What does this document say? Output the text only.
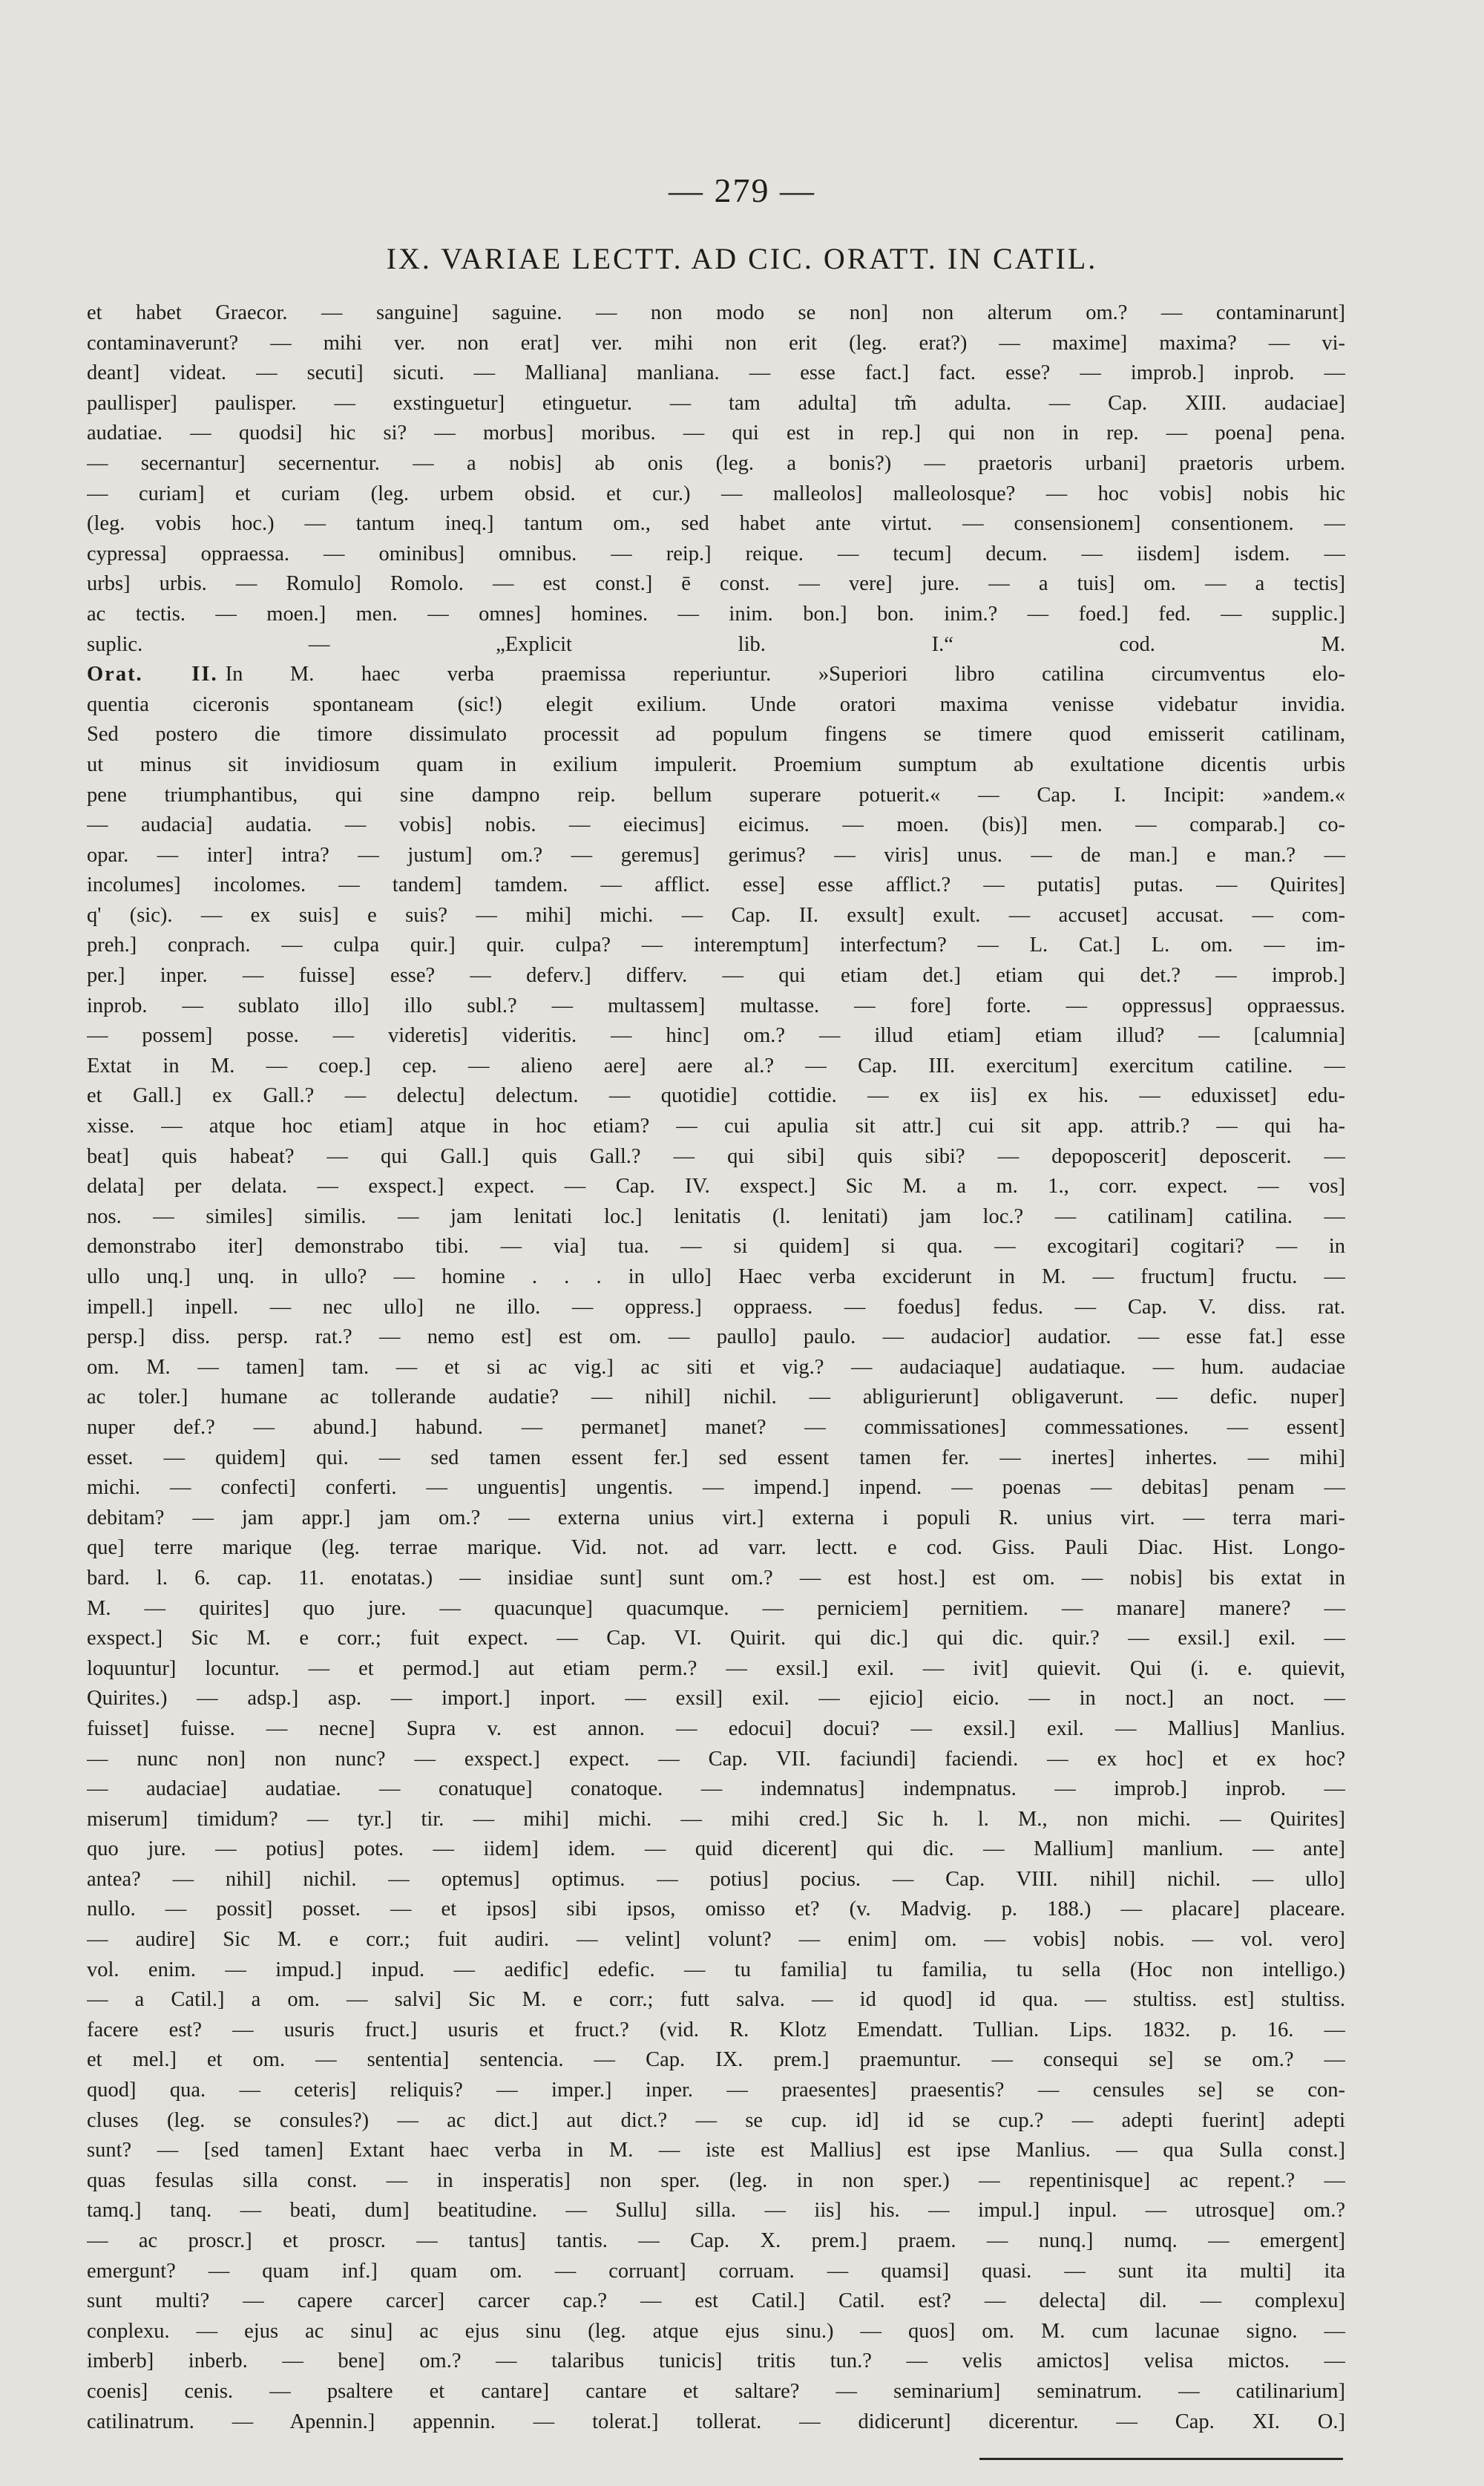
— 279 —
IX. VARIAE LECTT. AD CIC. ORATT. IN CATIL.
et habet Graecor. — sanguine] saguine. — non modo se non] non alterum om.? — contaminarunt]
contaminaverunt? — mihi ver. non erat] ver. mihi non erit (leg. erat?) — maxime] maxima? — vi-
deant] videat. — secuti] sicuti. — Malliana] manliana. — esse fact.] fact. esse? — improb.] inprob. —
paullisper] paulisper. — exstinguetur] etinguetur. — tam adulta] tm̃ adulta. — Cap. XIII. audaciae]
audatiae. — quodsi] hic si? — morbus] moribus. — qui est in rep.] qui non in rep. — poena] pena.
— secernantur] secernentur. — a nobis] ab onis (leg. a bonis?) — praetoris urbani] praetoris urbem.
— curiam] et curiam (leg. urbem obsid. et cur.) — malleolos] malleolosque? — hoc vobis] nobis hic
(leg. vobis hoc.) — tantum ineq.] tantum om., sed habet ante virtut. — consensionem] consentionem. —
cypressa] oppraessa. — ominibus] omnibus. — reip.] reique. — tecum] decum. — iisdem] isdem. —
urbs] urbis. — Romulo] Romolo. — est const.] ē const. — vere] jure. — a tuis] om. — a tectis]
ac tectis. — moen.] men. — omnes] homines. — inim. bon.] bon. inim.? — foed.] fed. — supplic.]
suplic. — „Explicit lib. I.“ cod. M.
Orat. II. In M. haec verba praemissa reperiuntur. »Superiori libro catilina circumventus elo-
quentia ciceronis spontaneam (sic!) elegit exilium. Unde oratori maxima venisse videbatur invidia.
Sed postero die timore dissimulato processit ad populum fingens se timere quod emisserit catilinam,
ut minus sit invidiosum quam in exilium impulerit. Proemium sumptum ab exultatione dicentis urbis
pene triumphantibus, qui sine dampno reip. bellum superare potuerit.« — Cap. I. Incipit: »andem.«
— audacia] audatia. — vobis] nobis. — eiecimus] eicimus. — moen. (bis)] men. — comparab.] co-
opar. — inter] intra? — justum] om.? — geremus] gerimus? — viris] unus. — de man.] e man.? —
incolumes] incolomes. — tandem] tamdem. — afflict. esse] esse afflict.? — putatis] putas. — Quirites]
q' (sic). — ex suis] e suis? — mihi] michi. — Cap. II. exsult] exult. — accuset] accusat. — com-
preh.] conprach. — culpa quir.] quir. culpa? — interemptum] interfectum? — L. Cat.] L. om. — im-
per.] inper. — fuisse] esse? — deferv.] differv. — qui etiam det.] etiam qui det.? — improb.]
inprob. — sublato illo] illo subl.? — multassem] multasse. — fore] forte. — oppressus] oppraessus.
— possem] posse. — videretis] videritis. — hinc] om.? — illud etiam] etiam illud? — [calumnia]
Extat in M. — coep.] cep. — alieno aere] aere al.? — Cap. III. exercitum] exercitum catiline. —
et Gall.] ex Gall.? — delectu] delectum. — quotidie] cottidie. — ex iis] ex his. — eduxisset] edu-
xisse. — atque hoc etiam] atque in hoc etiam? — cui apulia sit attr.] cui sit app. attrib.? — qui ha-
beat] quis habeat? — qui Gall.] quis Gall.? — qui sibi] quis sibi? — depoposcerit] deposcerit. —
delata] per delata. — exspect.] expect. — Cap. IV. exspect.] Sic M. a m. 1., corr. expect. — vos]
nos. — similes] similis. — jam lenitati loc.] lenitatis (l. lenitati) jam loc.? — catilinam] catilina. —
demonstrabo iter] demonstrabo tibi. — via] tua. — si quidem] si qua. — excogitari] cogitari? — in
ullo unq.] unq. in ullo? — homine . . . in ullo] Haec verba exciderunt in M. — fructum] fructu. —
impell.] inpell. — nec ullo] ne illo. — oppress.] oppraess. — foedus] fedus. — Cap. V. diss. rat.
persp.] diss. persp. rat.? — nemo est] est om. — paullo] paulo. — audacior] audatior. — esse fat.] esse
om. M. — tamen] tam. — et si ac vig.] ac siti et vig.? — audaciaque] audatiaque. — hum. audaciae
ac toler.] humane ac tollerande audatie? — nihil] nichil. — abligurierunt] obligaverunt. — defic. nuper]
nuper def.? — abund.] habund. — permanet] manet? — commissationes] commessationes. — essent]
esset. — quidem] qui. — sed tamen essent fer.] sed essent tamen fer. — inertes] inhertes. — mihi]
michi. — confecti] conferti. — unguentis] ungentis. — impend.] inpend. — poenas — debitas] penam —
debitam? — jam appr.] jam om.? — externa unius virt.] externa i populi R. unius virt. — terra mari-
que] terre marique (leg. terrae marique. Vid. not. ad varr. lectt. e cod. Giss. Pauli Diac. Hist. Longo-
bard. l. 6. cap. 11. enotatas.) — insidiae sunt] sunt om.? — est host.] est om. — nobis] bis extat in
M. — quirites] quo jure. — quacunque] quacumque. — perniciem] pernitiem. — manare] manere? —
exspect.] Sic M. e corr.; fuit expect. — Cap. VI. Quirit. qui dic.] qui dic. quir.? — exsil.] exil. —
loquuntur] locuntur. — et permod.] aut etiam perm.? — exsil.] exil. — ivit] quievit. Qui (i. e. quievit,
Quirites.) — adsp.] asp. — import.] inport. — exsil] exil. — ejicio] eicio. — in noct.] an noct. —
fuisset] fuisse. — necne] Supra v. est annon. — edocui] docui? — exsil.] exil. — Mallius] Manlius.
— nunc non] non nunc? — exspect.] expect. — Cap. VII. faciundi] faciendi. — ex hoc] et ex hoc?
— audaciae] audatiae. — conatuque] conatoque. — indemnatus] indempnatus. — improb.] inprob. —
miserum] timidum? — tyr.] tir. — mihi] michi. — mihi cred.] Sic h. l. M., non michi. — Quirites]
quo jure. — potius] potes. — iidem] idem. — quid dicerent] qui dic. — Mallium] manlium. — ante]
antea? — nihil] nichil. — optemus] optimus. — potius] pocius. — Cap. VIII. nihil] nichil. — ullo]
nullo. — possit] posset. — et ipsos] sibi ipsos, omisso et? (v. Madvig. p. 188.) — placare] placeare.
— audire] Sic M. e corr.; fuit audiri. — velint] volunt? — enim] om. — vobis] nobis. — vol. vero]
vol. enim. — impud.] inpud. — aedific] edefic. — tu familia] tu familia, tu sella (Hoc non intelligo.)
— a Catil.] a om. — salvi] Sic M. e corr.; futt salva. — id quod] id qua. — stultiss. est] stultiss.
facere est? — usuris fruct.] usuris et fruct.? (vid. R. Klotz Emendatt. Tullian. Lips. 1832. p. 16. —
et mel.] et om. — sententia] sentencia. — Cap. IX. prem.] praemuntur. — consequi se] se om.? —
quod] qua. — ceteris] reliquis? — imper.] inper. — praesentes] praesentis? — censules se] se con-
cluses (leg. se consules?) — ac dict.] aut dict.? — se cup. id] id se cup.? — adepti fuerint] adepti
sunt? — [sed tamen] Extant haec verba in M. — iste est Mallius] est ipse Manlius. — qua Sulla const.]
quas fesulas silla const. — in insperatis] non sper. (leg. in non sper.) — repentinisque] ac repent.? —
tamq.] tanq. — beati, dum] beatitudine. — Sullu] silla. — iis] his. — impul.] inpul. — utrosque] om.?
— ac proscr.] et proscr. — tantus] tantis. — Cap. X. prem.] praem. — nunq.] numq. — emergent]
emergunt? — quam inf.] quam om. — corruant] corruam. — quamsi] quasi. — sunt ita multi] ita
sunt multi? — capere carcer] carcer cap.? — est Catil.] Catil. est? — delecta] dil. — complexu]
conplexu. — ejus ac sinu] ac ejus sinu (leg. atque ejus sinu.) — quos] om. M. cum lacunae signo. —
imberb] inberb. — bene] om.? — talaribus tunicis] tritis tun.? — velis amictos] velisa mictos. —
coenis] cenis. — psaltere et cantare] cantare et saltare? — seminarium] seminatrum. — catilinarium]
catilinatrum. — Apennin.] appennin. — tolerat.] tollerat. — didicerunt] dicerentur. — Cap. XI. O.]
